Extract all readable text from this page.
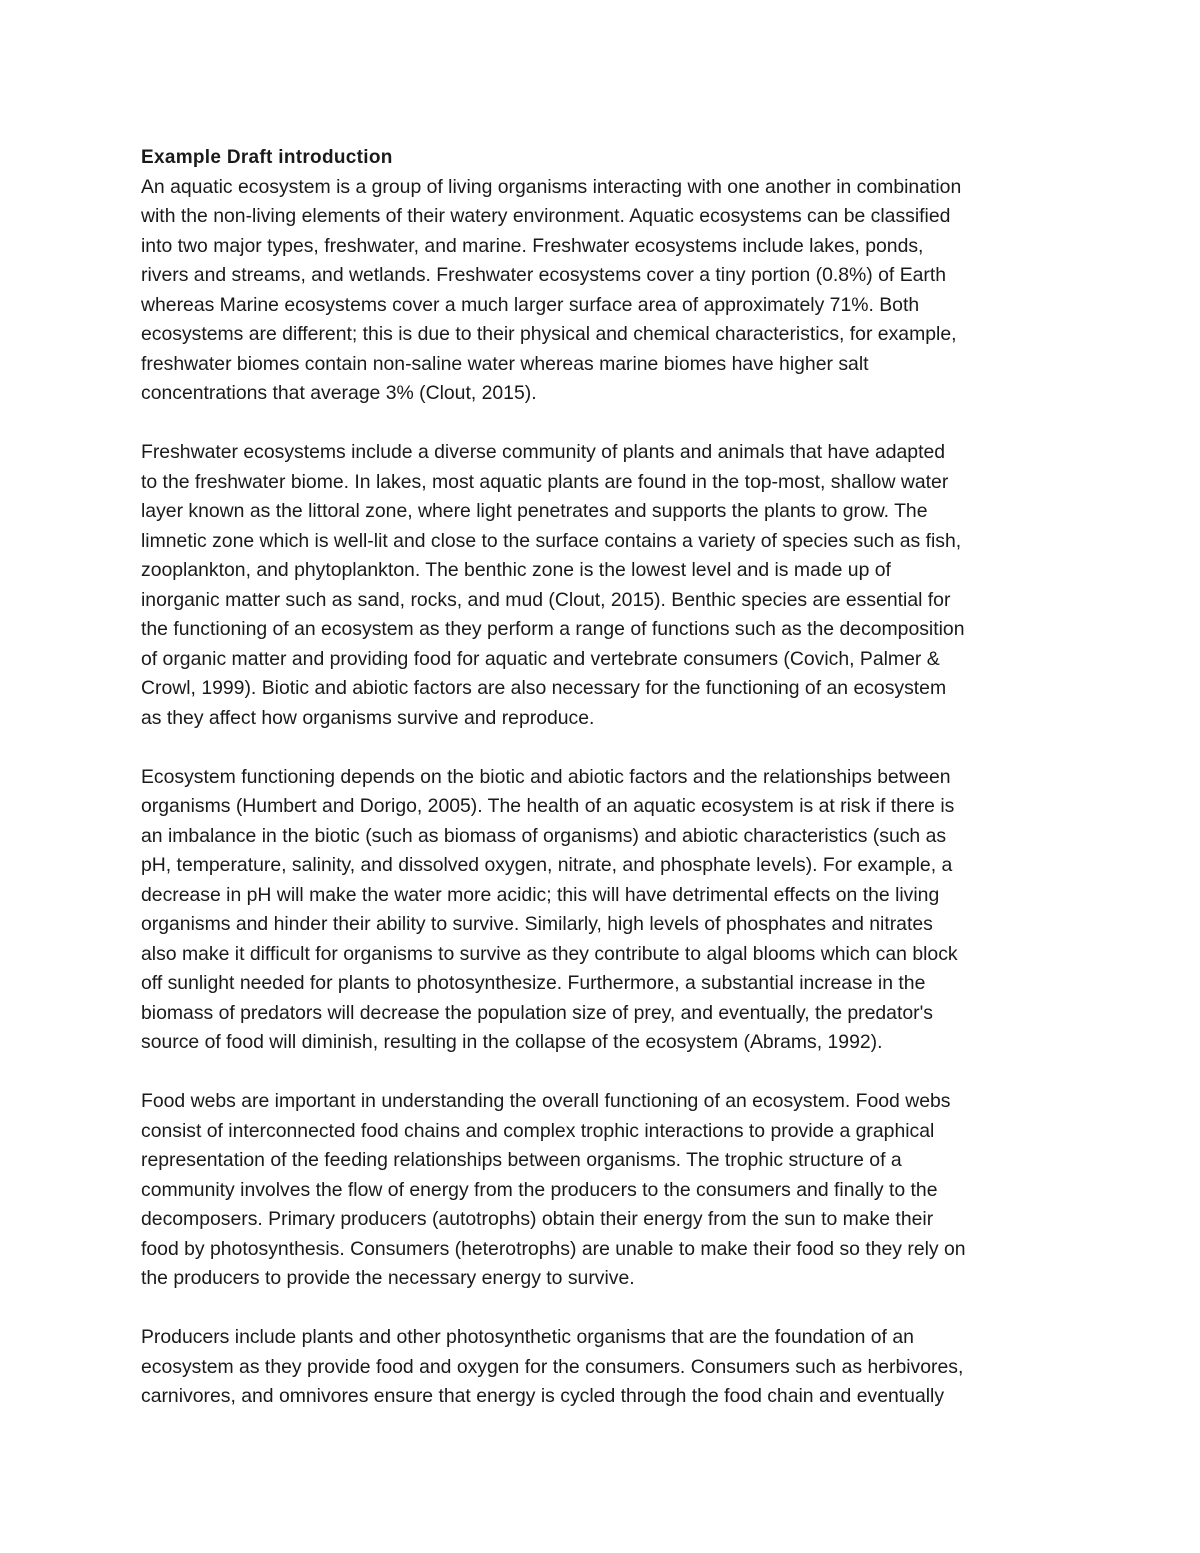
Example Draft introduction

An aquatic ecosystem is a group of living organisms interacting with one another in combination
with the non-living elements of their watery environment. Aquatic ecosystems can be classified
into two major types, freshwater, and marine. Freshwater ecosystems include lakes, ponds,
rivers and streams, and wetlands. Freshwater ecosystems cover a tiny portion (0.8%) of Earth
whereas Marine ecosystems cover a much larger surface area of approximately 71%. Both
ecosystems are different; this is due to their physical and chemical characteristics, for example,
freshwater biomes contain non-saline water whereas marine biomes have higher salt
concentrations that average 3% (Clout, 2015).

Freshwater ecosystems include a diverse community of plants and animals that have adapted
to the freshwater biome. In lakes, most aquatic plants are found in the top-most, shallow water
layer known as the littoral zone, where light penetrates and supports the plants to grow. The
limnetic zone which is well-lit and close to the surface contains a variety of species such as fish,
zooplankton, and phytoplankton. The benthic zone is the lowest level and is made up of
inorganic matter such as sand, rocks, and mud (Clout, 2015). Benthic species are essential for
the functioning of an ecosystem as they perform a range of functions such as the decomposition
of organic matter and providing food for aquatic and vertebrate consumers (Covich, Palmer &
Crowl, 1999). Biotic and abiotic factors are also necessary for the functioning of an ecosystem
as they affect how organisms survive and reproduce.

Ecosystem functioning depends on the biotic and abiotic factors and the relationships between
organisms (Humbert and Dorigo, 2005). The health of an aquatic ecosystem is at risk if there is
an imbalance in the biotic (such as biomass of organisms) and abiotic characteristics (such as
pH, temperature, salinity, and dissolved oxygen, nitrate, and phosphate levels). For example, a
decrease in pH will make the water more acidic; this will have detrimental effects on the living
organisms and hinder their ability to survive. Similarly, high levels of phosphates and nitrates
also make it difficult for organisms to survive as they contribute to algal blooms which can block
off sunlight needed for plants to photosynthesize. Furthermore, a substantial increase in the
biomass of predators will decrease the population size of prey, and eventually, the predator's
source of food will diminish, resulting in the collapse of the ecosystem (Abrams, 1992).

Food webs are important in understanding the overall functioning of an ecosystem. Food webs
consist of interconnected food chains and complex trophic interactions to provide a graphical
representation of the feeding relationships between organisms. The trophic structure of a
community involves the flow of energy from the producers to the consumers and finally to the
decomposers. Primary producers (autotrophs) obtain their energy from the sun to make their
food by photosynthesis. Consumers (heterotrophs) are unable to make their food so they rely on
the producers to provide the necessary energy to survive.

Producers include plants and other photosynthetic organisms that are the foundation of an
ecosystem as they provide food and oxygen for the consumers. Consumers such as herbivores,
carnivores, and omnivores ensure that energy is cycled through the food chain and eventually
